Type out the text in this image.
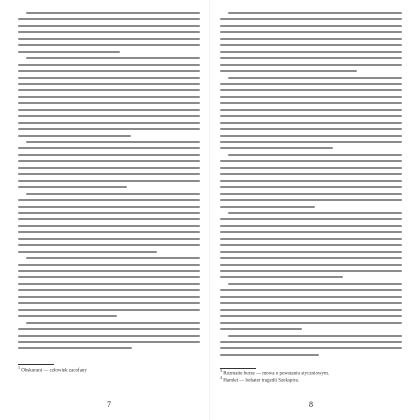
$^1$ Obskurant — człowiek zacofany
7
$^3$ Rozmaite burze — mowa o powstaniu styczniowym.
$^4$ Hamlet — bohater tragedii Szekspira.
8
